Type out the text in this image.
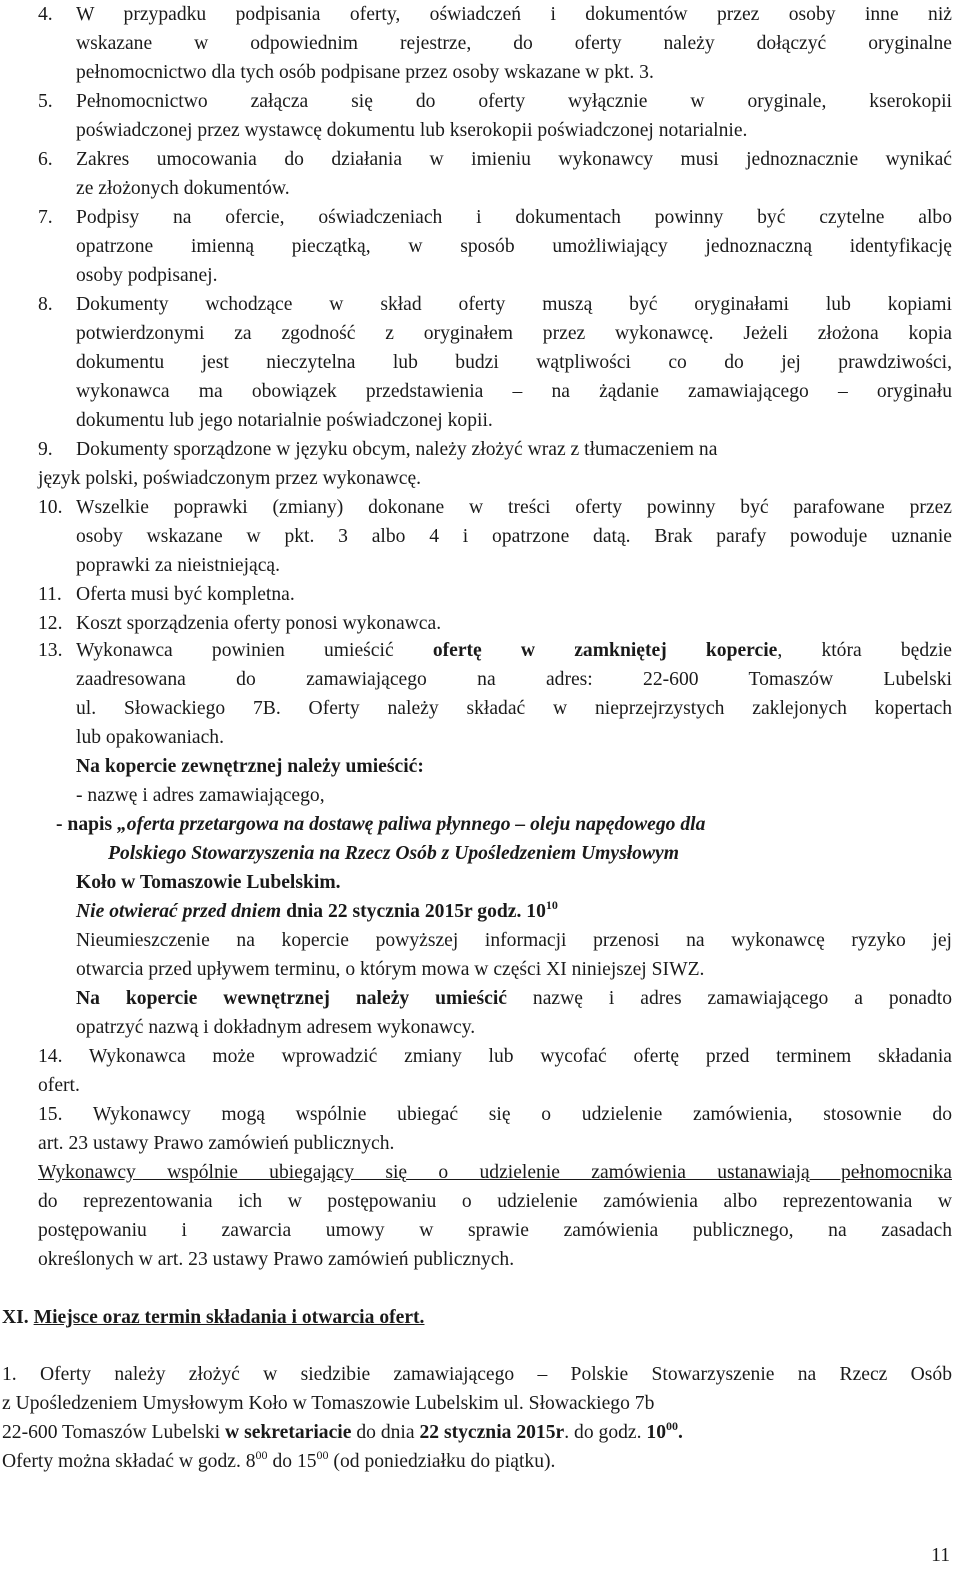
4. W przypadku podpisania oferty, oświadczeń i dokumentów przez osoby inne niż
wskazane w odpowiednim rejestrze, do oferty należy dołączyć oryginalne
pełnomocnictwo dla tych osób podpisane przez osoby wskazane w pkt. 3.
5. Pełnomocnictwo załącza się do oferty wyłącznie w oryginale, kserokopii
poświadczonej przez wystawcę dokumentu lub kserokopii poświadczonej notarialnie.
6. Zakres umocowania do działania w imieniu wykonawcy musi jednoznacznie wynikać
ze złożonych dokumentów.
7. Podpisy na ofercie, oświadczeniach i dokumentach powinny być czytelne albo
opatrzone imienną pieczątką, w sposób umożliwiający jednoznaczną identyfikację
osoby podpisanej.
8. Dokumenty wchodzące w skład oferty muszą być oryginałami lub kopiami
potwierdzonymi za zgodność z oryginałem przez wykonawcę. Jeżeli złożona kopia
dokumentu jest nieczytelna lub budzi wątpliwości co do jej prawdziwości,
wykonawca ma obowiązek przedstawienia – na żądanie zamawiającego – oryginału
dokumentu lub jego notarialnie poświadczonej kopii.
9. Dokumenty sporządzone w języku obcym, należy złożyć wraz z tłumaczeniem na
język polski, poświadczonym przez wykonawcę.
10. Wszelkie poprawki (zmiany) dokonane w treści oferty powinny być parafowane przez
osoby wskazane w pkt. 3 albo 4 i opatrzone datą. Brak parafy powoduje uznanie
poprawki za nieistniejącą.
11. Oferta musi być kompletna.
12. Koszt sporządzenia oferty ponosi wykonawca.
13. Wykonawca powinien umieścić ofertę w zamkniętej kopercie, która będzie
zaadresowana do zamawiającego na adres: 22-600 Tomaszów Lubelski
ul. Słowackiego 7B. Oferty należy składać w nieprzejrzystych zaklejonych kopertach
lub opakowaniach.
Na kopercie zewnętrznej należy umieścić:
- nazwę i adres zamawiającego,
- napis „oferta przetargowa na dostawę paliwa płynnego – oleju napędowego dla
Polskiego Stowarzyszenia na Rzecz Osób z Upośledzeniem Umysłowym
Koło w Tomaszowie Lubelskim.
Nie otwierać przed dniem dnia 22 stycznia 2015r godz. $10^{10}$
Nieumieszczenie na kopercie powyższej informacji przenosi na wykonawcę ryzyko jej
otwarcia przed upływem terminu, o którym mowa w części XI niniejszej SIWZ.
Na kopercie wewnętrznej należy umieścić nazwę i adres zamawiającego a ponadto
opatrzyć nazwą i dokładnym adresem wykonawcy.
14. Wykonawca może wprowadzić zmiany lub wycofać ofertę przed terminem składania
ofert.
15. Wykonawcy mogą wspólnie ubiegać się o udzielenie zamówienia, stosownie do
art. 23 ustawy Prawo zamówień publicznych.
Wykonawcy wspólnie ubiegający się o udzielenie zamówienia ustanawiają pełnomocnika
do reprezentowania ich w postępowaniu o udzielenie zamówienia albo reprezentowania w
postępowaniu i zawarcia umowy w sprawie zamówienia publicznego, na zasadach
określonych w art. 23 ustawy Prawo zamówień publicznych.
XI. Miejsce oraz termin składania i otwarcia ofert.
1. Oferty należy złożyć w siedzibie zamawiającego – Polskie Stowarzyszenie na Rzecz Osób
z Upośledzeniem Umysłowym Koło w Tomaszowie Lubelskim ul. Słowackiego 7b
22-600 Tomaszów Lubelski w sekretariacie do dnia 22 stycznia 2015r. do godz. $10^{00}$.
Oferty można składać w godz. $8^{00}$ do $15^{00}$ (od poniedziałku do piątku).
11
